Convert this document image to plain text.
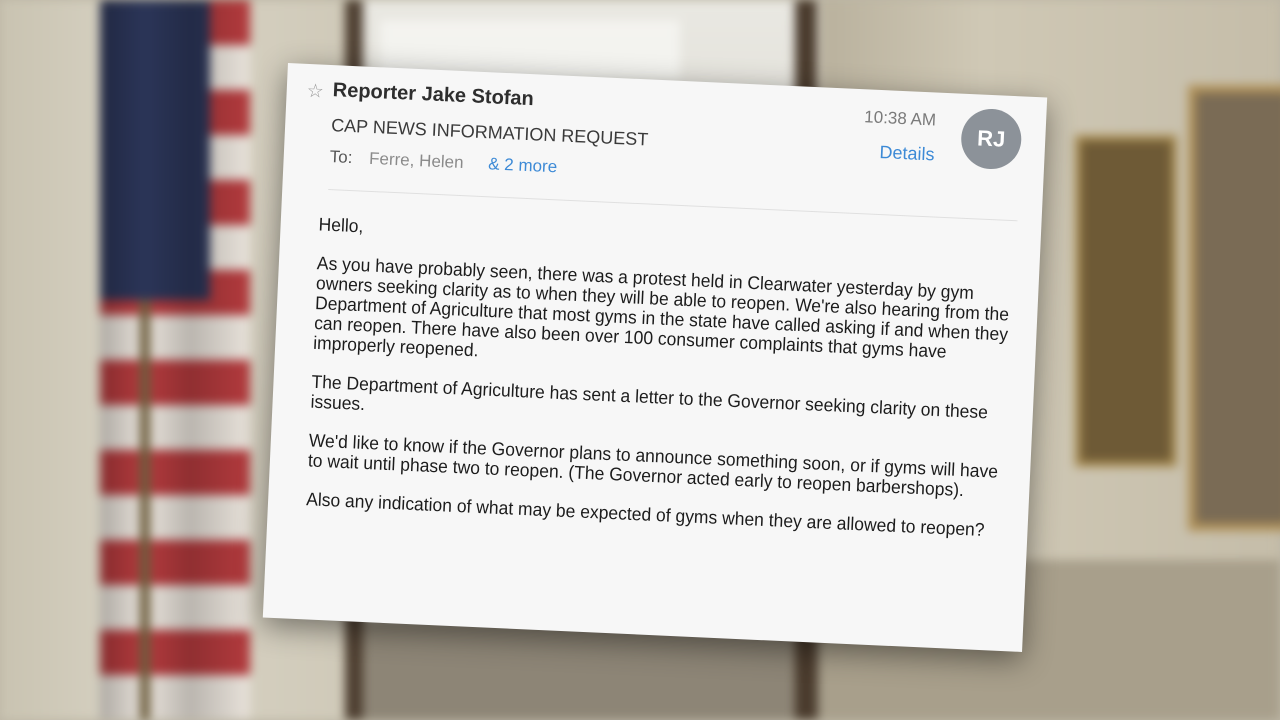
☆ Reporter Jake Stofan
CAP NEWS INFORMATION REQUEST
To: Ferre, Helen & 2 more
10:38 AM
Details
RJ

Hello,

As you have probably seen, there was a protest held in Clearwater yesterday by gym owners seeking clarity as to when they will be able to reopen. We're also hearing from the Department of Agriculture that most gyms in the state have called asking if and when they can reopen. There have also been over 100 consumer complaints that gyms have improperly reopened.

The Department of Agriculture has sent a letter to the Governor seeking clarity on these issues.

We'd like to know if the Governor plans to announce something soon, or if gyms will have to wait until phase two to reopen. (The Governor acted early to reopen barbershops).

Also any indication of what may be expected of gyms when they are allowed to reopen?
